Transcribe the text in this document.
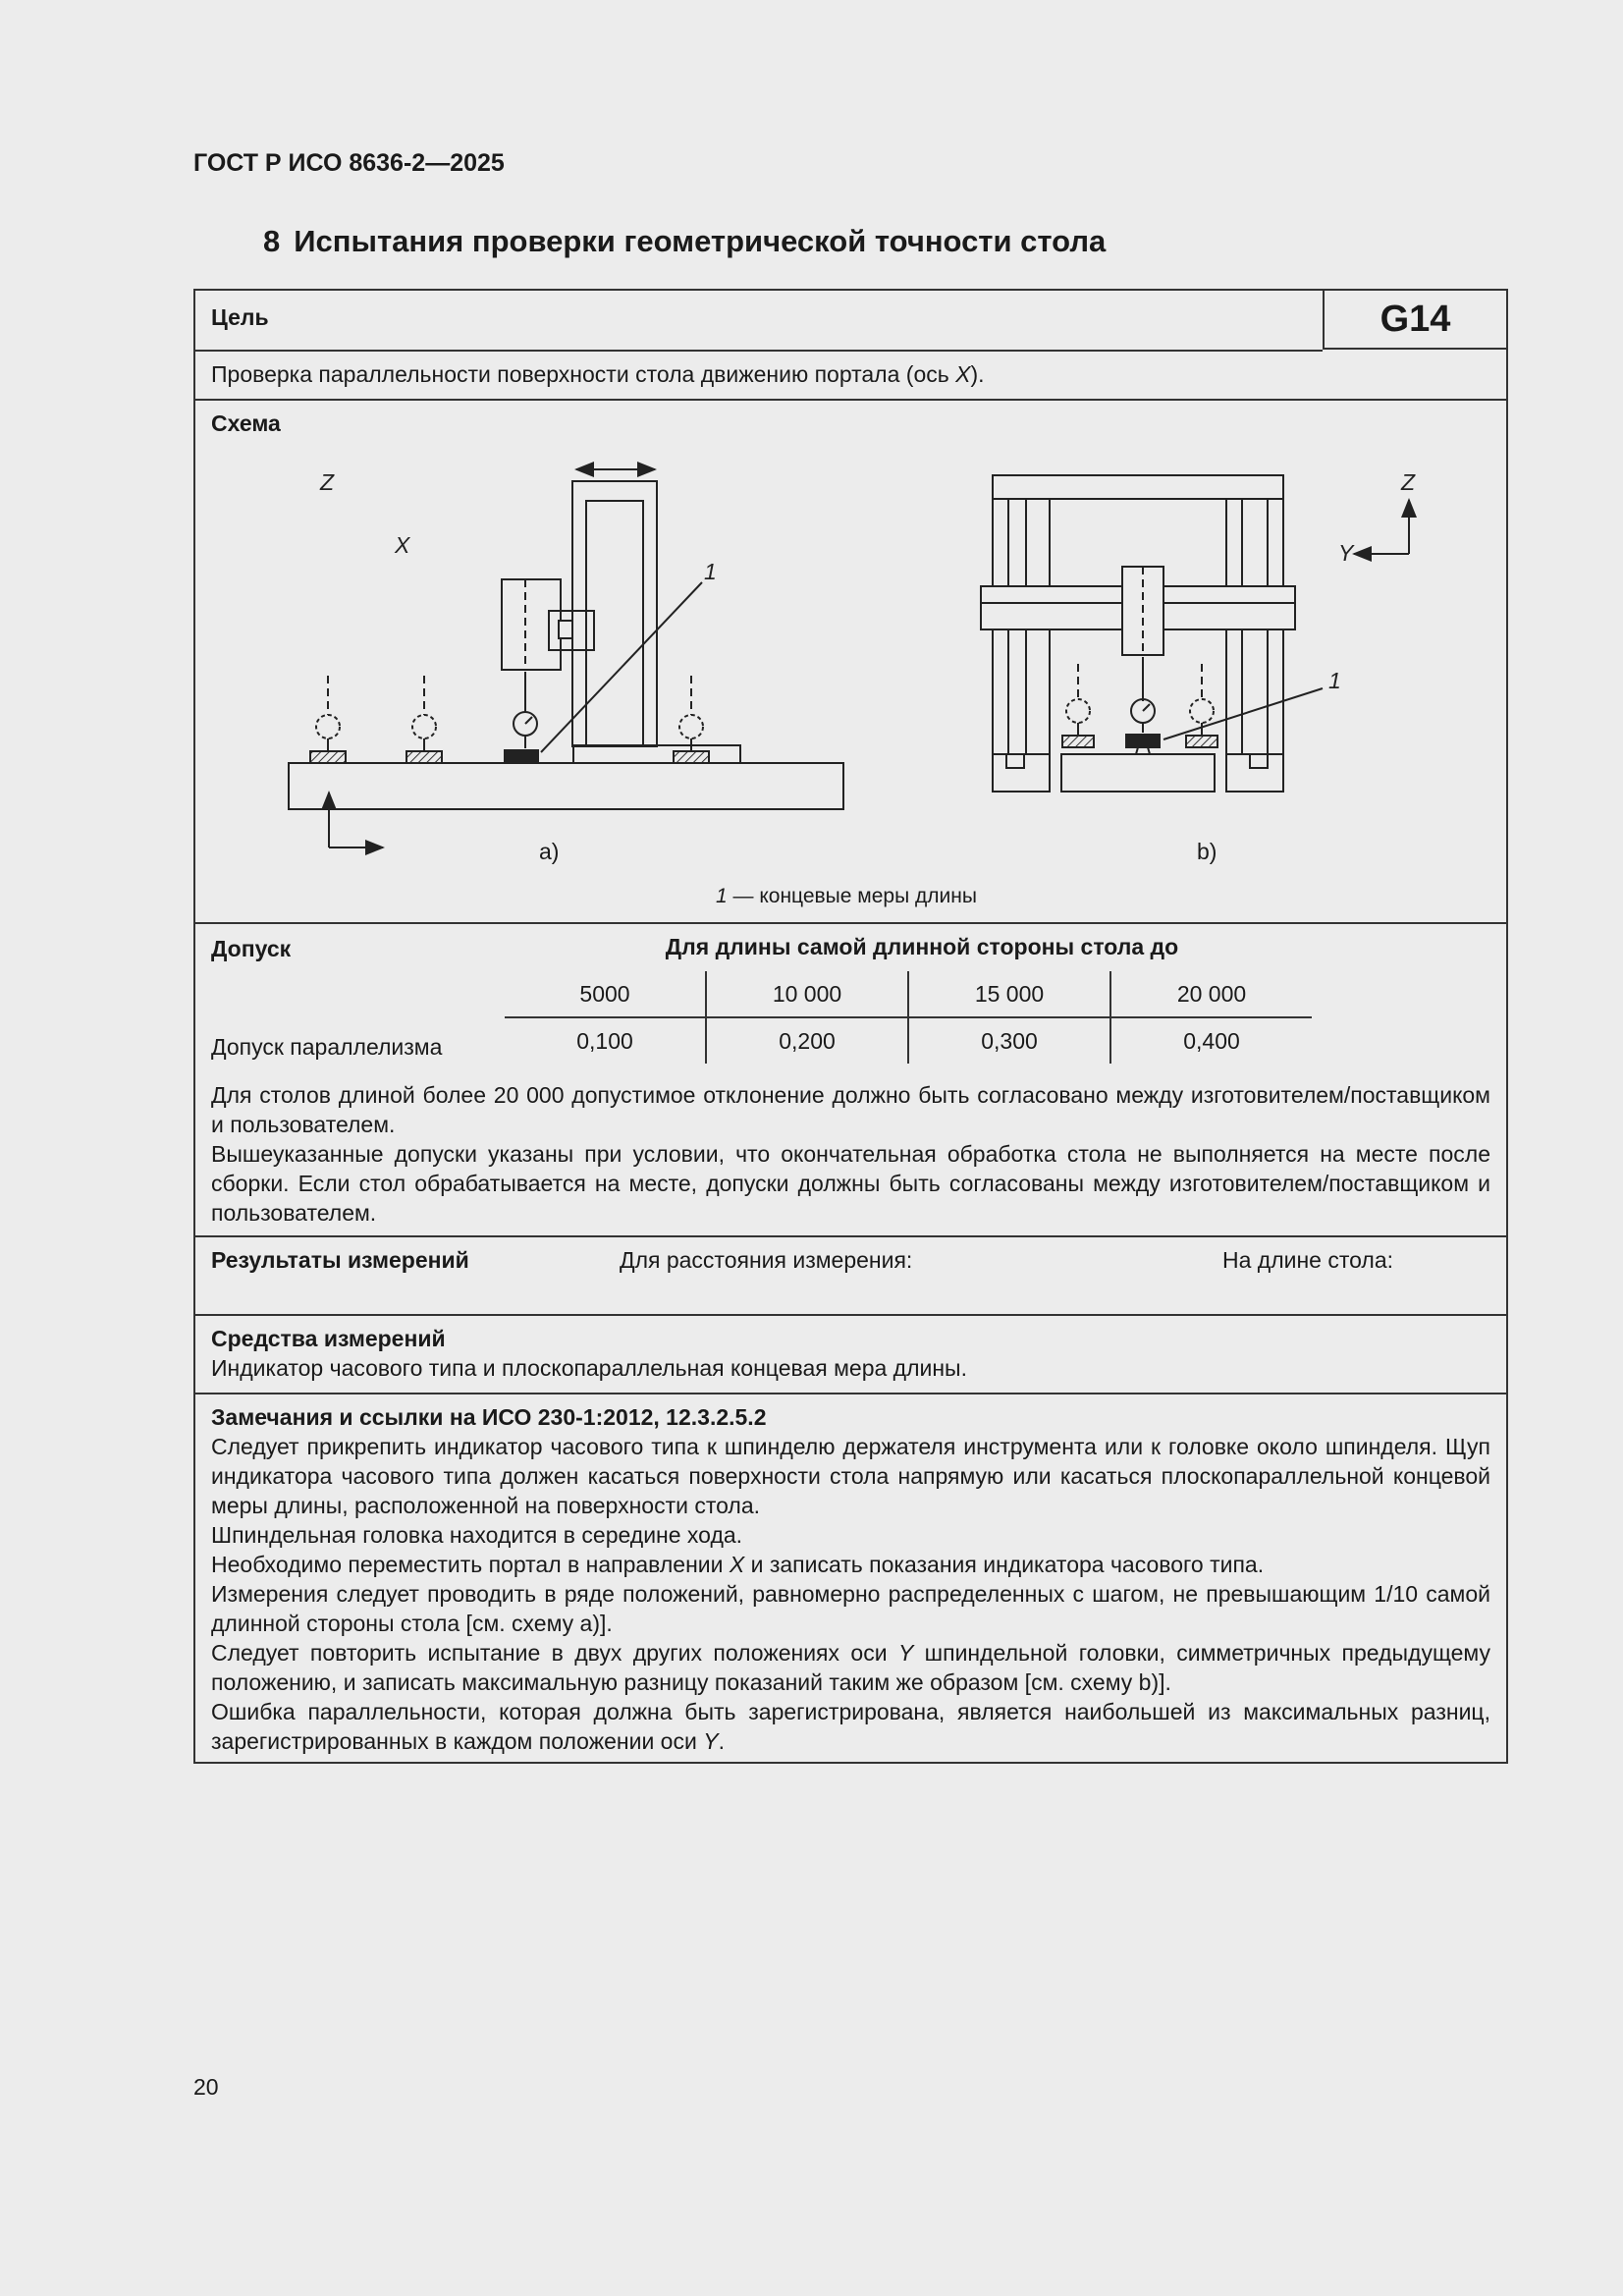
ГОСТ Р ИСО 8636-2—2025
8 Испытания проверки геометрической точности стола
G14
Цель
Проверка параллельности поверхности стола движению портала (ось X).
Схема
Z
X
1
Z
Y
1
а)	b)
1 — концевые меры длины
Допуск	Для длины самой длинной стороны стола до
Допуск параллелизма
5000	10 000	15 000	20 000
0,100	0,200	0,300	0,400
Для столов длиной более 20 000 допустимое отклонение должно быть согласовано между изготовителем/поставщиком и пользователем.
Вышеуказанные допуски указаны при условии, что окончательная обработка стола не выполняется на месте после сборки. Если стол обрабатывается на месте, допуски должны быть согласованы между изготовителем/поставщиком и пользователем.
Результаты измерений	Для расстояния измерения:	На длине стола:
Средства измерений
Индикатор часового типа и плоскопараллельная концевая мера длины.
Замечания и ссылки на ИСО 230-1:2012, 12.3.2.5.2
Следует прикрепить индикатор часового типа к шпинделю держателя инструмента или к головке около шпинделя. Щуп индикатора часового типа должен касаться поверхности стола напрямую или касаться плоскопараллельной концевой меры длины, расположенной на поверхности стола.
Шпиндельная головка находится в середине хода.
Необходимо переместить портал в направлении X и записать показания индикатора часового типа.
Измерения следует проводить в ряде положений, равномерно распределенных с шагом, не превышающим 1/10 самой длинной стороны стола [см. схему а)].
Следует повторить испытание в двух других положениях оси Y шпиндельной головки, симметричных предыдущему положению, и записать максимальную разницу показаний таким же образом [см. схему b)].
Ошибка параллельности, которая должна быть зарегистрирована, является наибольшей из максимальных разниц, зарегистрированных в каждом положении оси Y.
20
